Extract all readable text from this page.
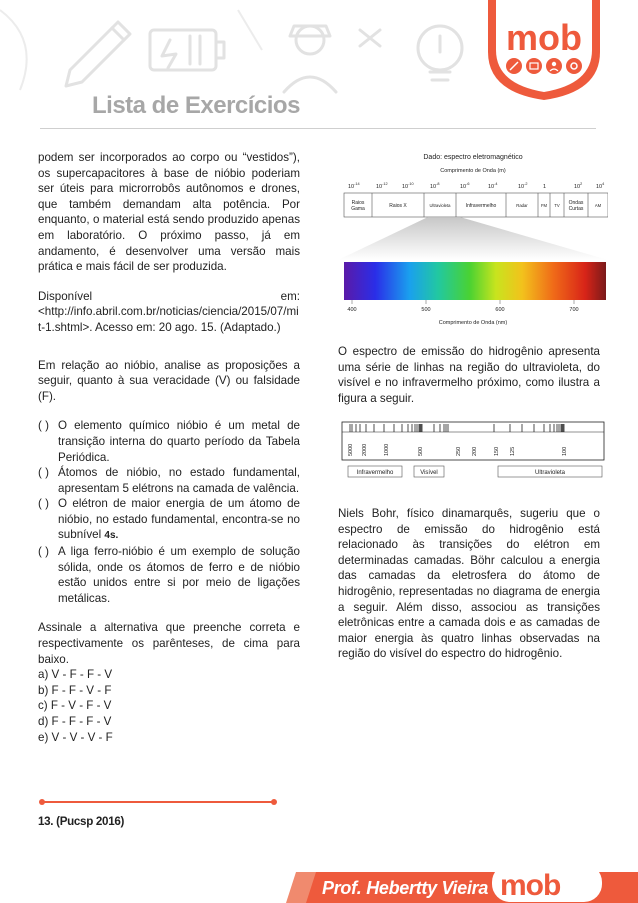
mob
Lista de Exercícios

podem ser incorporados ao corpo ou “vestidos”), os supercapacitores à base de nióbio poderiam ser úteis para microrrobôs autônomos e drones, que também demandam alta potência. Por enquanto, o material está sendo produzido apenas em laboratório. O próximo passo, já em andamento, é desenvolver uma versão mais prática e mais fácil de ser produzida.

Disponível em:

<http://info.abril.com.br/noticias/ciencia/2015/07/mit-1.shtml>. Acesso em: 20 ago. 15. (Adaptado.)

Em relação ao nióbio, analise as proposições a seguir, quanto à sua veracidade (V) ou falsidade (F).

( ) O elemento químico nióbio é um metal de transição interna do quarto período da Tabela Periódica.
( ) Átomos de nióbio, no estado fundamental, apresentam 5 elétrons na camada de valência.
( ) O elétron de maior energia de um átomo de nióbio, no estado fundamental, encontra-se no subnível 4s.
( ) A liga ferro-nióbio é um exemplo de solução sólida, onde os átomos de ferro e de nióbio estão unidos entre si por meio de ligações metálicas.

Assinale a alternativa que preenche correta e respectivamente os parênteses, de cima para baixo.

a) V - F - F - V
b) F - F - V - F
c) F - V - F - V
d) F - F - F - V
e) V - V - V - F
Dado: espectro eletromagnético
Comprimento de Onda (m)
$10^{-14}$	$10^{-12}$	$10^{-10}$	$10^{-8}$	$10^{-6}$	$10^{-4}$	$10^{-2}$	1	$10^2$	$10^4$
Raios
Gama	Raios X	Ultravioleta	Infravermelho	Radar	FM TV Ondas
Curtas
AM
400	500	600	700
Comprimento de Onda (nm)

O espectro de emissão do hidrogênio apresenta uma série de linhas na região do ultravioleta, do visível e no infravermelho próximo, como ilustra a figura a seguir.

5000 2000	1000	500	250 200	150 125	100
Infravermelho	Visível	Ultravioleta

Niels Bohr, físico dinamarquês, sugeriu que o espectro de emissão do hidrogênio está relacionado às transições do elétron em determinadas camadas. Böhr calculou a energia das camadas da eletrosfera do átomo de hidrogênio, representadas no diagrama de energia a seguir. Além disso, associou as transições eletrônicas entre a camada dois e as camadas de maior energia às quatro linhas observadas na região do visível do espectro do hidrogênio.

13. (Pucsp 2016)
Prof. Hebertty Vieira mob
